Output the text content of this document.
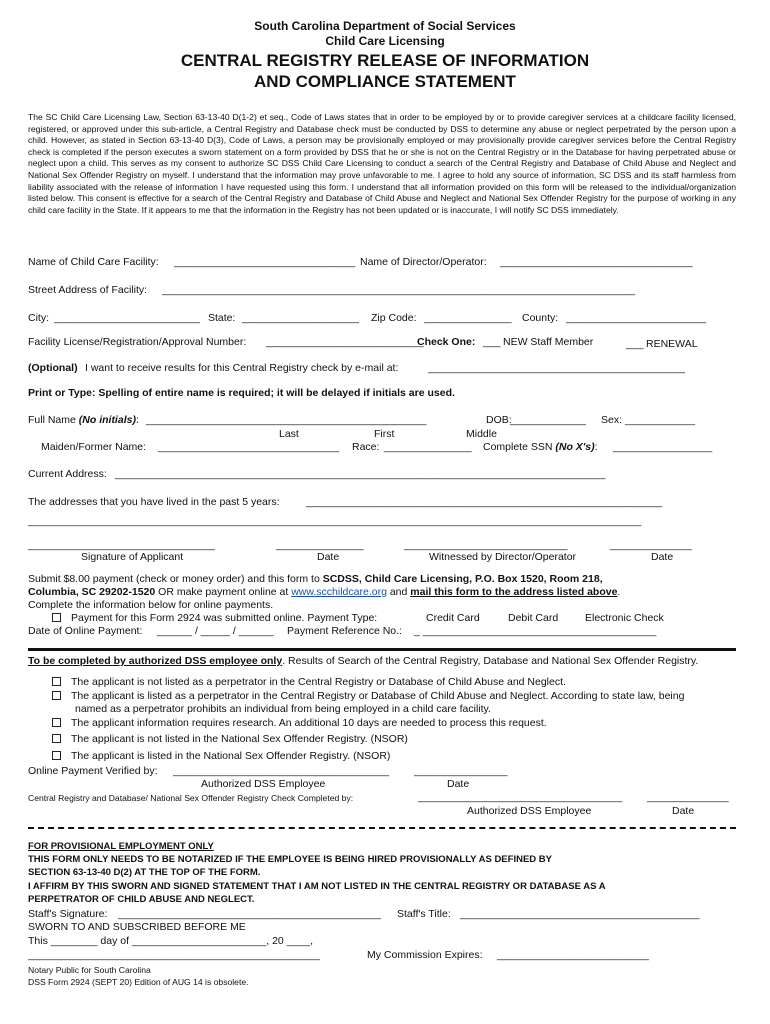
South Carolina Department of Social Services
Child Care Licensing
CENTRAL REGISTRY RELEASE OF INFORMATION
AND COMPLIANCE STATEMENT
The SC Child Care Licensing Law, Section 63-13-40 D(1-2) et seq., Code of Laws states that in order to be employed by or to provide caregiver services at a childcare facility licensed, registered, or approved under this sub-article, a Central Registry and Database check must be conducted by DSS to determine any abuse or neglect perpetrated by the person upon a child. However, as stated in Section 63-13-40 D(3), Code of Laws, a person may be provisionally employed or may provisionally provide caregiver services before the Central Registry check is completed if the person executes a sworn statement on a form provided by DSS that he or she is not on the Central Registry or in the Database for having perpetrated abuse or neglect upon a child. This serves as my consent to authorize SC DSS Child Care Licensing to conduct a search of the Central Registry and Database of Child Abuse and Neglect and National Sex Offender Registry on myself. I understand that the information may prove unfavorable to me. I agree to hold any source of information, SC DSS and its staff harmless from liability associated with the release of information I have requested using this form. I understand that all information provided on this form will be released to the individual/organization listed below. This consent is effective for a search of the Central Registry and Database of Child Abuse and Neglect and National Sex Offender Registry for the purpose of working in any child care facility in the State. If it appears to me that the information in the Registry has not been updated or is inaccurate, I will notify SC DSS immediately.
Name of Child Care Facility: _______________________________ Name of Director/Operator: _________________________________
Street Address of Facility: _________________________________________________________________________________
City: _________________________ State: ____________________ Zip Code: _______________ County: ________________________
Facility License/Registration/Approval Number: ___________________________
Check One: ___ NEW Staff Member	___ RENEWAL
(Optional) I want to receive results for this Central Registry check by e-mail at:	____________________________________________
Print or Type: Spelling of entire name is required; it will be delayed if initials are used.
Full Name (No initials): ________________________________________________	DOB:
_____________ Sex: ____________
Last	First	Middle
Maiden/Former Name: _______________________________ Race: _______________ Complete SSN (No X's): _________________
Current Address: ____________________________________________________________________________________
The addresses that you have lived in the past 5 years:	_____________________________________________________________
_________________________________________________________________________________________________________
________________________________	_______________	____________________________	______________
Signature of Applicant	Date	Witnessed by Director/Operator	Date
Submit $8.00 payment (check or money order) and this form to SCDSS, Child Care Licensing, P.O. Box 1520, Room 218,
Columbia, SC 29202-1520 OR make payment online at www.scchildcare.org and mail this form to the address listed above.
Complete the information below for online payments.
Payment for this Form 2924 was submitted online. Payment Type:	Credit Card	Debit Card	Electronic Check
Date of Online Payment: ______ / _____ / ______ Payment Reference No.: _ ________________________________________
To be completed by authorized DSS employee only. Results of Search of the Central Registry, Database and National Sex Offender Registry.
The applicant is not listed as a perpetrator in the Central Registry or Database of Child Abuse and Neglect.
The applicant is listed as a perpetrator in the Central Registry or Database of Child Abuse and Neglect. According to state law, being
named as a perpetrator prohibits an individual from being employed in a child care facility.
The applicant information requires research. An additional 10 days are needed to process this request.
The applicant is not listed in the National Sex Offender Registry. (NSOR)
The applicant is listed in the National Sex Offender Registry. (NSOR)
Online Payment Verified by: _____________________________________ ________________
Authorized DSS Employee	Date
Central Registry and Database/ National Sex Offender Registry Check Completed by:	___________________________________ ______________
Authorized DSS Employee	Date
FOR PROVISIONAL EMPLOYMENT ONLY
THIS FORM ONLY NEEDS TO BE NOTARIZED IF THE EMPLOYEE IS BEING HIRED PROVISIONALLY AS DEFINED BY
SECTION 63-13-40 D(2) AT THE TOP OF THE FORM.
I AFFIRM BY THIS SWORN AND SIGNED STATEMENT THAT I AM NOT LISTED IN THE CENTRAL REGISTRY OR DATABASE AS A
PERPETRATOR OF CHILD ABUSE AND NEGLECT.
Staff's Signature: _____________________________________________ Staff's Title: _________________________________________
SWORN TO AND SUBSCRIBED BEFORE ME
This ________ day of _______________________, 20 ____,
__________________________________________________	My Commission Expires: __________________________
Notary Public for South Carolina
DSS Form 2924 (SEPT 20) Edition of AUG 14 is obsolete.
